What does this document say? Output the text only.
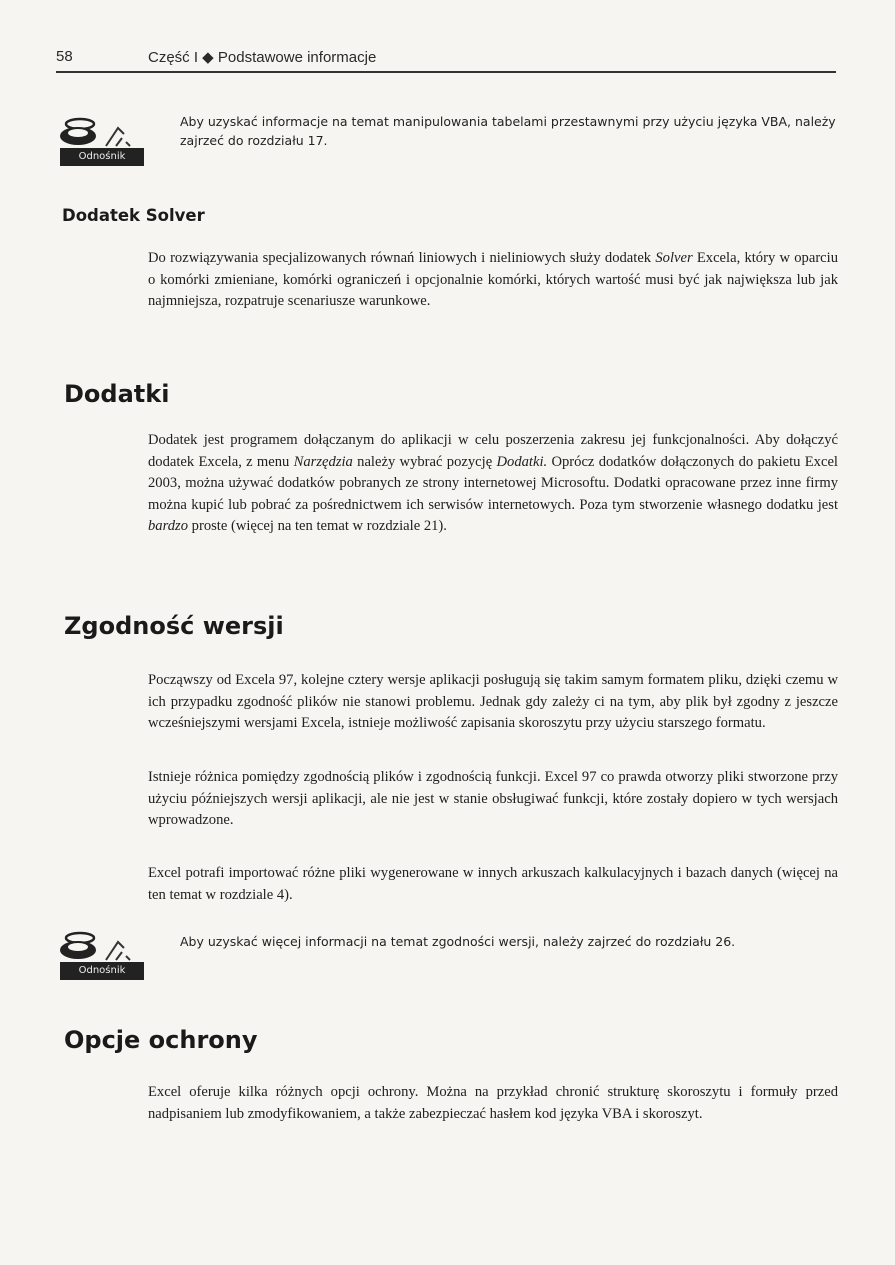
58	Część I ◆ Podstawowe informacje
Odnośnik
Aby uzyskać informacje na temat manipulowania tabelami przestawnymi przy użyciu języka VBA, należy zajrzeć do rozdziału 17.
Dodatek Solver

Do rozwiązywania specjalizowanych równań liniowych i nieliniowych służy dodatek Solver Excela, który w oparciu o komórki zmieniane, komórki ograniczeń i opcjonalnie komórki, których wartość musi być jak największa lub jak najmniejsza, rozpatruje scenariusze warunkowe.

Dodatki

Dodatek jest programem dołączanym do aplikacji w celu poszerzenia zakresu jej funkcjonalności. Aby dołączyć dodatek Excela, z menu Narzędzia należy wybrać pozycję Dodatki. Oprócz dodatków dołączonych do pakietu Excel 2003, można używać dodatków pobranych ze strony internetowej Microsoftu. Dodatki opracowane przez inne firmy można kupić lub pobrać za pośrednictwem ich serwisów internetowych. Poza tym stworzenie własnego dodatku jest bardzo proste (więcej na ten temat w rozdziale 21).

Zgodność wersji

Począwszy od Excela 97, kolejne cztery wersje aplikacji posługują się takim samym formatem pliku, dzięki czemu w ich przypadku zgodność plików nie stanowi problemu. Jednak gdy zależy ci na tym, aby plik był zgodny z jeszcze wcześniejszymi wersjami Excela, istnieje możliwość zapisania skoroszytu przy użyciu starszego formatu.

Istnieje różnica pomiędzy zgodnością plików i zgodnością funkcji. Excel 97 co prawda otworzy pliki stworzone przy użyciu późniejszych wersji aplikacji, ale nie jest w stanie obsługiwać funkcji, które zostały dopiero w tych wersjach wprowadzone.

Excel potrafi importować różne pliki wygenerowane w innych arkuszach kalkulacyjnych i bazach danych (więcej na ten temat w rozdziale 4).

Odnośnik
Aby uzyskać więcej informacji na temat zgodności wersji, należy zajrzeć do rozdziału 26.
Opcje ochrony

Excel oferuje kilka różnych opcji ochrony. Można na przykład chronić strukturę skoroszytu i formuły przed nadpisaniem lub zmodyfikowaniem, a także zabezpieczać hasłem kod języka VBA i skoroszyt.
